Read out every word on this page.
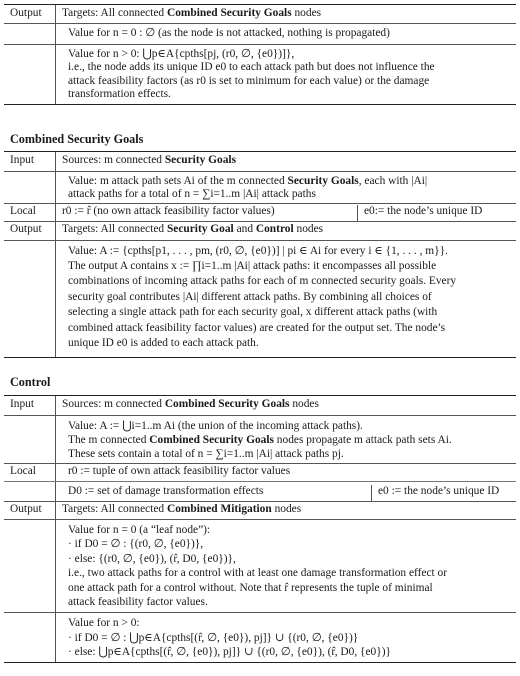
Output	Targets: All connected Combined Security Goals nodes
Value for n = 0 : ∅ (as the node is not attacked, nothing is propagated)
Value for n > 0: ⋃p∈A{cpths[pj, (r0, ∅, {e0})]},
i.e., the node adds its unique ID e0 to each attack path but does not influence the
attack feasibility factors (as r0 is set to minimum for each value) or the damage
transformation effects.
Combined Security Goals
Input	Sources: m connected Security Goals
Value: m attack path sets Ai of the m connected Security Goals, each with |Ai|
attack paths for a total of n = ∑i=1..m |Ai| attack paths
Local	r0 := r̂ (no own attack feasibility factor values)	e0:= the node’s unique ID
Output	Targets: All connected Security Goal and Control nodes
Value: A := {cpths[p1, . . . , pm, (r0, ∅, {e0})] | pi ∈ Ai for every i ∈ {1, . . . , m}}.
The output A contains x := ∏i=1..m |Ai| attack paths: it encompasses all possible
combinations of incoming attack paths for each of m connected security goals. Every
security goal contributes |Ai| different attack paths. By combining all choices of
selecting a single attack path for each security goal, x different attack paths (with
combined attack feasibility factor values) are created for the output set. The node’s
unique ID e0 is added to each attack path.
Control
Input	Sources: m connected Combined Security Goals nodes
Value: A := ⋃i=1..m Ai (the union of the incoming attack paths).
The m connected Combined Security Goals nodes propagate m attack path sets Ai.
These sets contain a total of n = ∑i=1..m |Ai| attack paths pj.
Local	r0 := tuple of own attack feasibility factor values
D0 := set of damage transformation effects	e0 := the node’s unique ID
Output	Targets: All connected Combined Mitigation nodes
Value for n = 0 (a “leaf node”):
· if D0 = ∅ : {(r0, ∅, {e0})},
· else: {(r0, ∅, {e0}), (r̂, D0, {e0})},
i.e., two attack paths for a control with at least one damage transformation effect or
one attack path for a control without. Note that r̂ represents the tuple of minimal
attack feasibility factor values.
Value for n > 0:
· if D0 = ∅ : ⋃p∈A{cpths[(r̂, ∅, {e0}), pj]} ∪ {(r0, ∅, {e0})}
· else: ⋃p∈A{cpths[(r̂, ∅, {e0}), pj]} ∪ {(r0, ∅, {e0}), (r̂, D0, {e0})}
